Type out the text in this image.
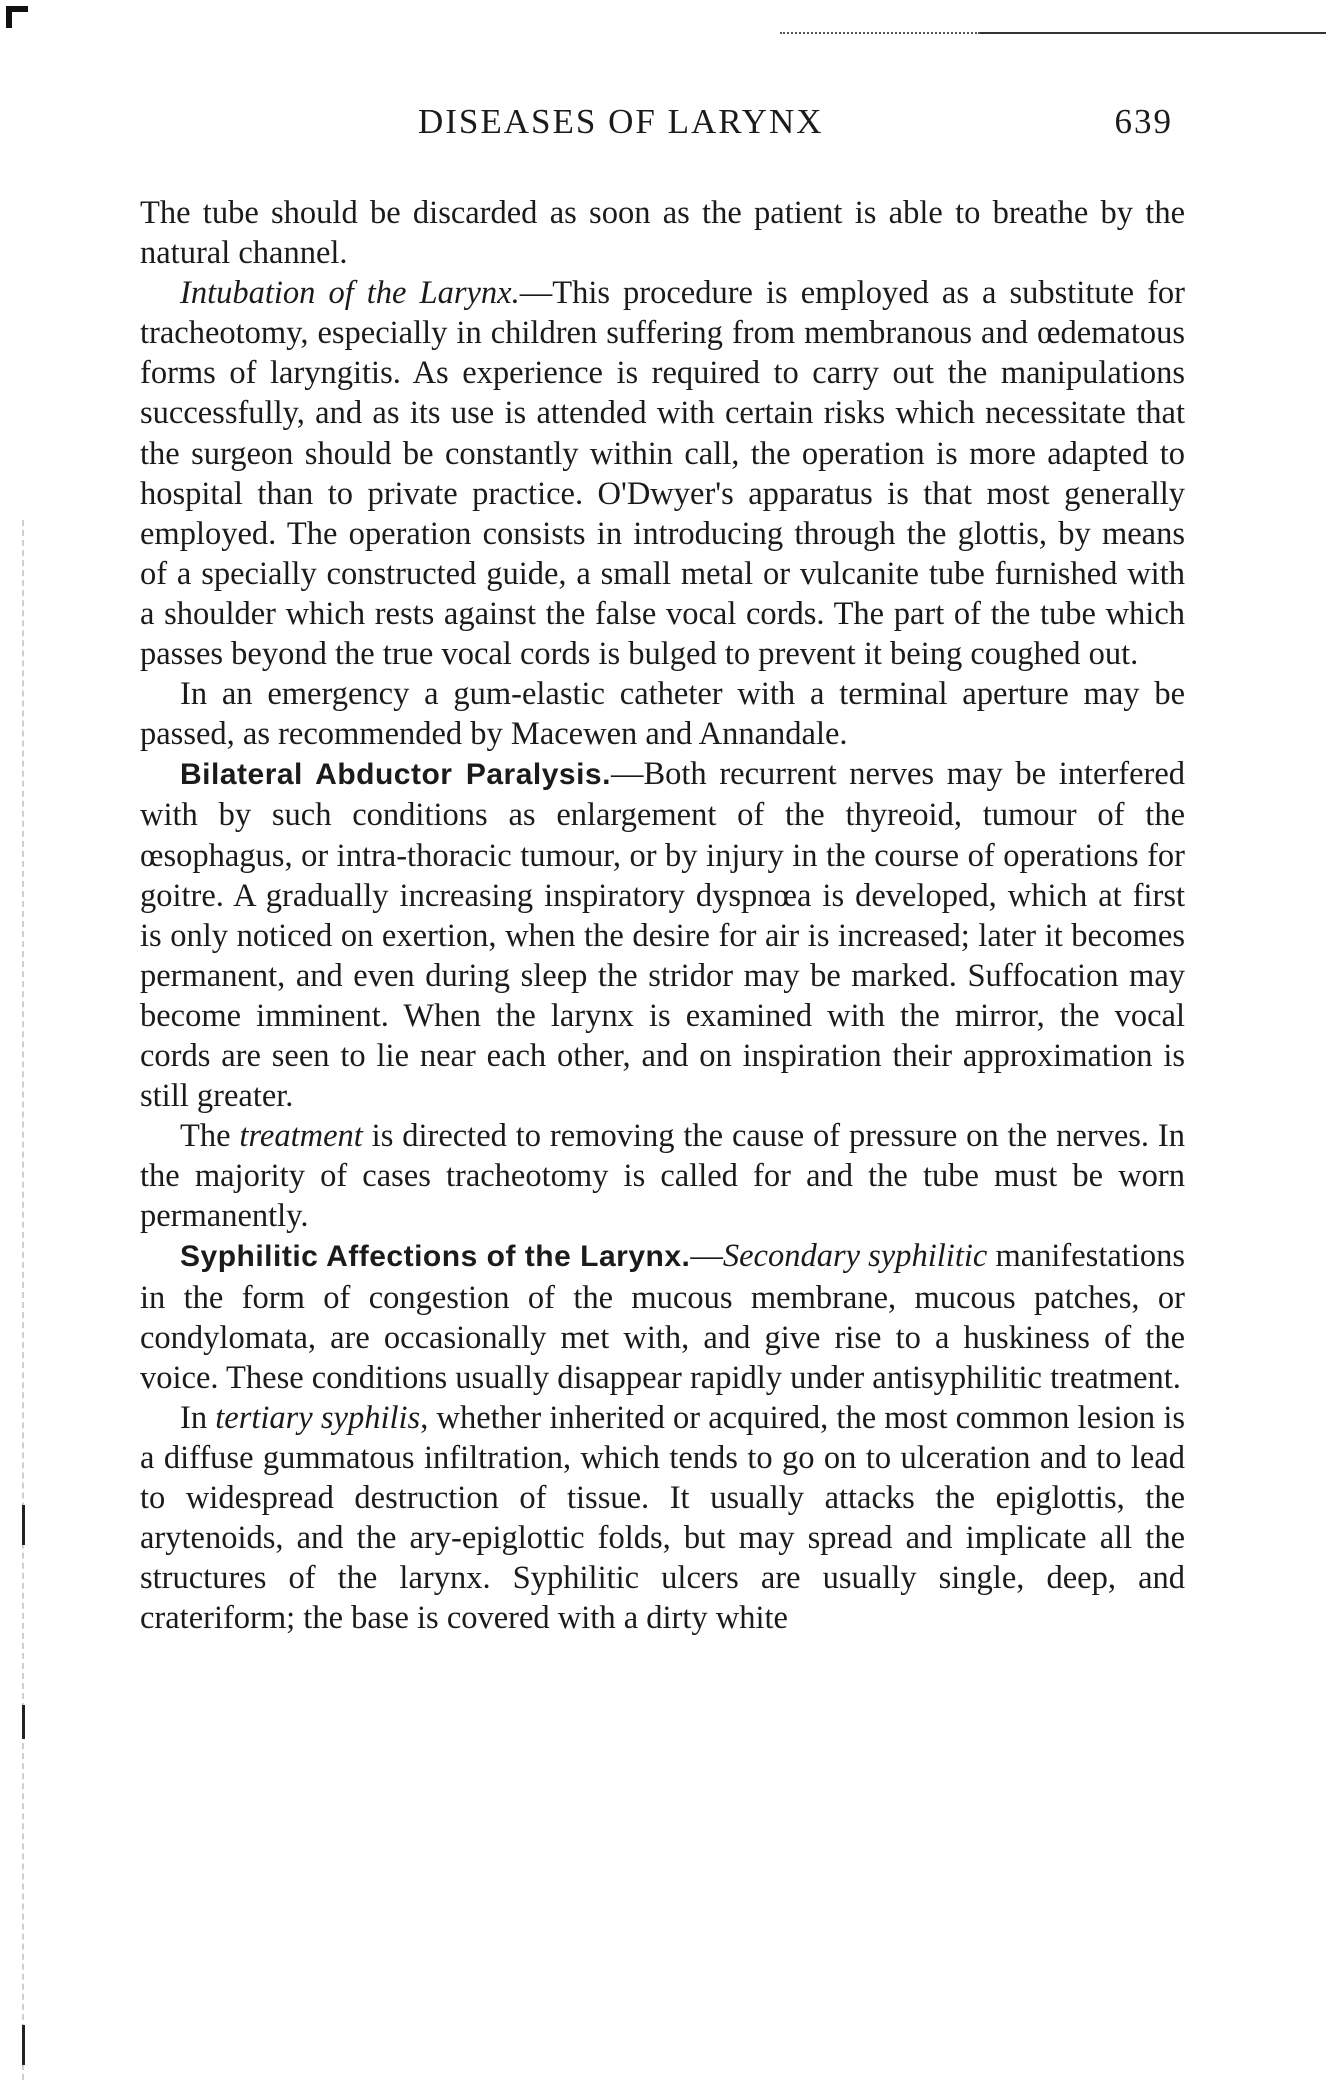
DISEASES OF LARYNX	639

The tube should be discarded as soon as the patient is able to breathe by the natural channel.

Intubation of the Larynx.—This procedure is employed as a substitute for tracheotomy, especially in children suffering from membranous and œdematous forms of laryngitis. As experience is required to carry out the manipulations successfully, and as its use is attended with certain risks which necessitate that the surgeon should be constantly within call, the operation is more adapted to hospital than to private practice. O'Dwyer's apparatus is that most generally employed. The operation consists in introducing through the glottis, by means of a specially constructed guide, a small metal or vulcanite tube furnished with a shoulder which rests against the false vocal cords. The part of the tube which passes beyond the true vocal cords is bulged to prevent it being coughed out.

In an emergency a gum-elastic catheter with a terminal aperture may be passed, as recommended by Macewen and Annandale.

Bilateral Abductor Paralysis.—Both recurrent nerves may be interfered with by such conditions as enlargement of the thyreoid, tumour of the œsophagus, or intra-thoracic tumour, or by injury in the course of operations for goitre. A gradually increasing inspiratory dyspnœa is developed, which at first is only noticed on exertion, when the desire for air is increased; later it becomes permanent, and even during sleep the stridor may be marked. Suffocation may become imminent. When the larynx is examined with the mirror, the vocal cords are seen to lie near each other, and on inspiration their approximation is still greater.

The treatment is directed to removing the cause of pressure on the nerves. In the majority of cases tracheotomy is called for and the tube must be worn permanently.

Syphilitic Affections of the Larynx.—Secondary syphilitic manifestations in the form of congestion of the mucous membrane, mucous patches, or condylomata, are occasionally met with, and give rise to a huskiness of the voice. These conditions usually disappear rapidly under antisyphilitic treatment.

In tertiary syphilis, whether inherited or acquired, the most common lesion is a diffuse gummatous infiltration, which tends to go on to ulceration and to lead to widespread destruction of tissue. It usually attacks the epiglottis, the arytenoids, and the ary-epiglottic folds, but may spread and implicate all the structures of the larynx. Syphilitic ulcers are usually single, deep, and crateriform; the base is covered with a dirty white
